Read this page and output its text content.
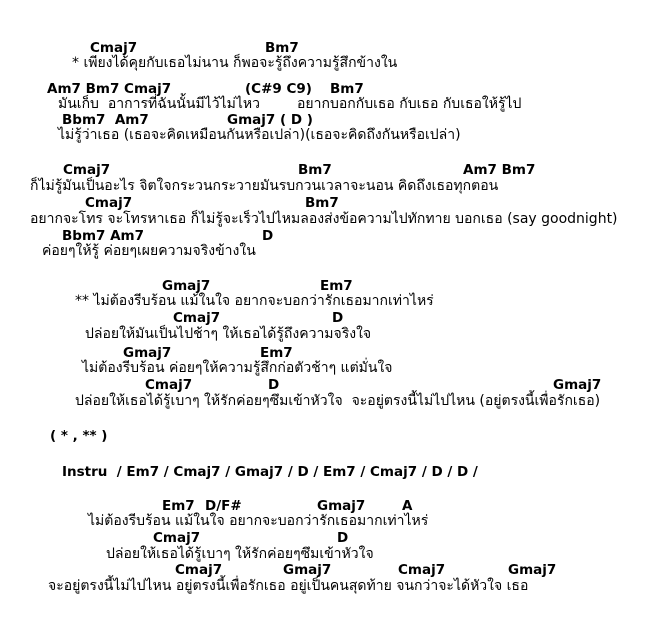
Cmaj7	Bm7
* เพียงได้คุยกับเธอไม่นาน ก็พอจะรู้ถึงความรู้สึกข้างใน
Am7 Bm7 Cmaj7	(C#9 C9) Bm7
มันเก็บ  อาการที่ฉันนั้นมีไว้ไม่ไหว	อยากบอกกับเธอ กับเธอ กับเธอให้รู้ไป
Bbm7  Am7	Gmaj7 ( D )
ไม่รู้ว่าเธอ (เธอจะคิดเหมือนกันหรือเปล่า)(เธอจะคิดถึงกันหรือเปล่า)
Cmaj7	Bm7	Am7 Bm7
ก็ไม่รู้มันเป็นอะไร จิตใจกระวนกระวายมันรบกวนเวลาจะนอน คิดถึงเธอทุกตอน
Cmaj7	Bm7
อยากจะโทร จะโทรหาเธอ ก็ไม่รู้จะเร็วไปไหมลองส่งข้อความไปทักทาย บอกเธอ (say goodnight)
Bbm7 Am7	D
ค่อยๆให้รู้ ค่อยๆเผยความจริงข้างใน
Gmaj7	Em7
** ไม่ต้องรีบร้อน แม้ในใจ อยากจะบอกว่ารักเธอมากเท่าไหร่
Cmaj7	D
ปล่อยให้มันเป็นไปช้าๆ ให้เธอได้รู้ถึงความจริงใจ
Gmaj7	Em7
ไม่ต้องรีบร้อน ค่อยๆให้ความรู้สึกก่อตัวช้าๆ แต่มั่นใจ
Cmaj7	D	Gmaj7
ปล่อยให้เธอได้รู้เบาๆ ให้รักค่อยๆซึมเข้าหัวใจ  จะอยู่ตรงนี้ไม่ไปไหน (อยู่ตรงนี้เพื่อรักเธอ)
( * , ** )
Instru  / Em7 / Cmaj7 / Gmaj7 / D / Em7 / Cmaj7 / D / D /
Em7 D/F#	Gmaj7	A
ไม่ต้องรีบร้อน แม้ในใจ อยากจะบอกว่ารักเธอมากเท่าไหร่
Cmaj7	D
ปล่อยให้เธอได้รู้เบาๆ ให้รักค่อยๆซึมเข้าหัวใจ
Cmaj7	Gmaj7	Cmaj7	Gmaj7
จะอยู่ตรงนี้ไม่ไปไหน อยู่ตรงนี้เพื่อรักเธอ อยู่เป็นคนสุดท้าย จนกว่าจะได้หัวใจ เธอ
